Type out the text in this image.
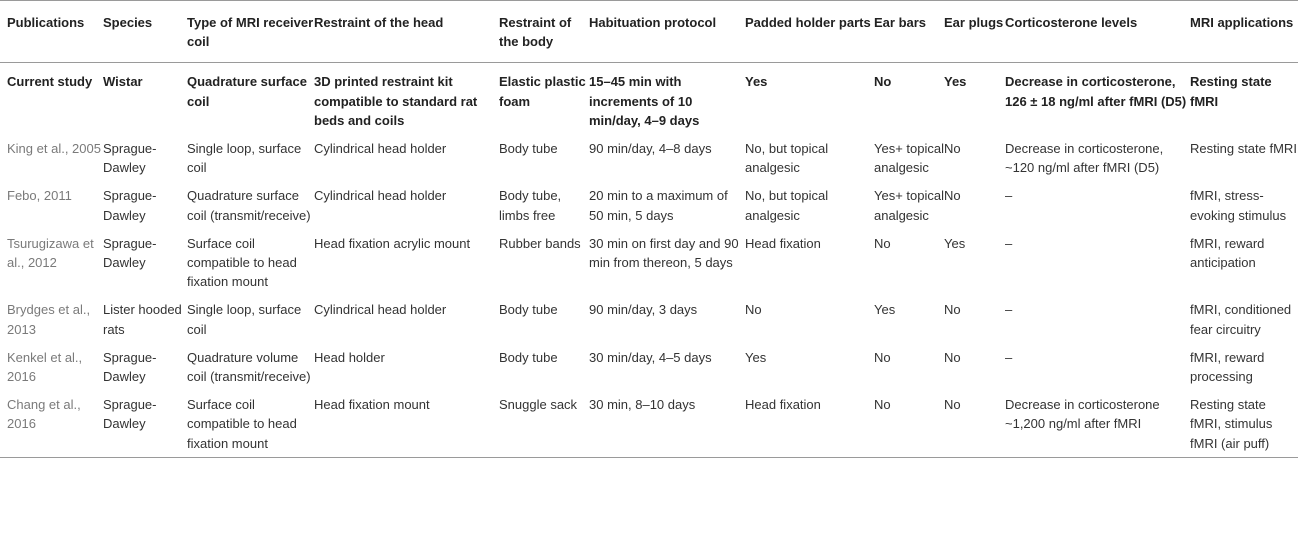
Publications	Species	Type of MRI receiver coil	Restraint of the head	Restraint of the body	Habituation protocol	Padded holder parts	Ear bars	Ear plugs	Corticosterone levels	MRI applications
Current study	Wistar	Quadrature surface coil	3D printed restraint kit compatible to standard rat beds and coils	Elastic plastic foam	15–45 min with increments of 10 min/day, 4–9 days	Yes	No	Yes	Decrease in corticosterone, 126 ± 18 ng/ml after fMRI (D5)	Resting state fMRI
King et al., 2005	Sprague-Dawley	Single loop, surface coil	Cylindrical head holder	Body tube	90 min/day, 4–8 days	No, but topical analgesic	Yes+ topical analgesic	No	Decrease in corticosterone, ~120 ng/ml after fMRI (D5)	Resting state fMRI
Febo, 2011	Sprague-Dawley	Quadrature surface coil (transmit/receive)	Cylindrical head holder	Body tube, limbs free	20 min to a maximum of 50 min, 5 days	No, but topical analgesic	Yes+ topical analgesic	No	–	fMRI, stress-evoking stimulus
Tsurugizawa et al., 2012	Sprague-Dawley	Surface coil compatible to head fixation mount	Head fixation acrylic mount	Rubber bands	30 min on first day and 90 min from thereon, 5 days	Head fixation	No	Yes	–	fMRI, reward anticipation
Brydges et al., 2013	Lister hooded rats	Single loop, surface coil	Cylindrical head holder	Body tube	90 min/day, 3 days	No	Yes	No	–	fMRI, conditioned fear circuitry
Kenkel et al., 2016	Sprague-Dawley	Quadrature volume coil (transmit/receive)	Head holder	Body tube	30 min/day, 4–5 days	Yes	No	No	–	fMRI, reward processing
Chang et al., 2016	Sprague-Dawley	Surface coil compatible to head fixation mount	Head fixation mount	Snuggle sack	30 min, 8–10 days	Head fixation	No	No	Decrease in corticosterone ~1,200 ng/ml after fMRI	Resting state fMRI, stimulus fMRI (air puff)
